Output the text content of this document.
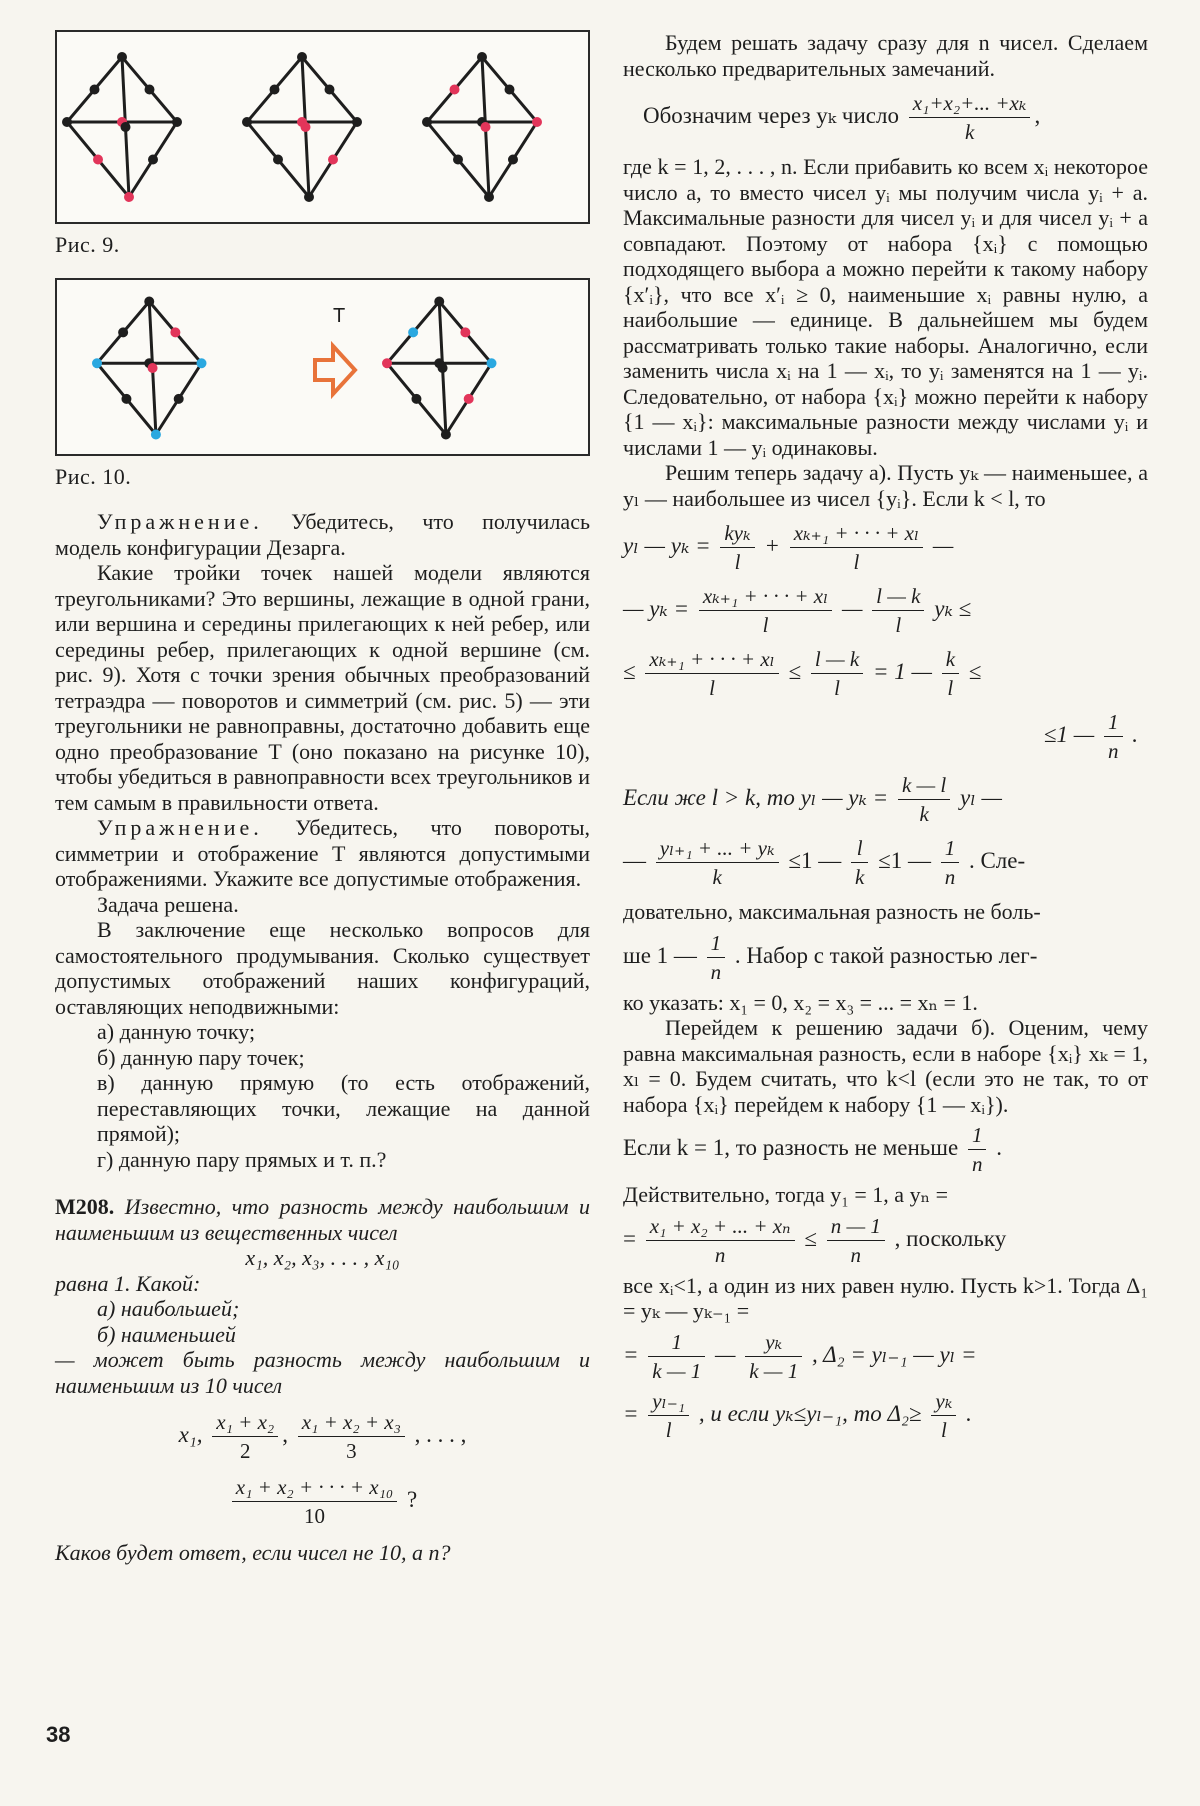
Рис. 9.

T

Рис. 10.

Упражнение. Убедитесь, что получилась модель конфигурации Дезарга.

Какие тройки точек нашей модели являются треугольниками? Это вершины, лежащие в одной грани, или вершина и середины прилегающих к ней ребер, или середины ребер, прилегающих к одной вершине (см. рис. 9). Хотя с точки зрения обычных преобразований тетраэдра — поворотов и симметрий (см. рис. 5) — эти треугольники не равноправны, достаточно добавить еще одно преобразование T (оно показано на рисунке 10), чтобы убедиться в равноправности всех треугольников и тем самым в правильности ответа.

Упражнение. Убедитесь, что повороты, симметрии и отображение T являются допустимыми отображениями. Укажите все допустимые отображения.

Задача решена.

В заключение еще несколько вопросов для самостоятельного продумывания. Сколько существует допустимых отображений наших конфигураций, оставляющих неподвижными:

а) данную точку;

б) данную пару точек;

в) данную прямую (то есть отображений, переставляющих точки, лежащие на данной прямой);

г) данную пару прямых и т. п.?

М208. Известно, что разность между наибольшим и наименьшим из вещественных чисел

x₁, x₂, x₃, . . . , x₁₀

равна 1. Какой:

а) наибольшей;

б) наименьшей

— может быть разность между наибольшим и наименьшим из 10 чисел

x₁, $\frac{\text{x₁ + x₂}}{2}$ , $\frac{\text{x₁ + x₂ + x₃}}{3}$ , . . . ,
$\frac{\text{x₁ + x₂ + · · · + x₁₀}}{10}$ ?

Каков будет ответ, если чисел не 10, а n?

Будем решать задачу сразу для n чисел. Сделаем несколько предварительных замечаний.

Обозначим через yₖ число $\frac{\text{x₁+x₂+... +xₖ}}{k}$ ,

где k = 1, 2, . . . , n. Если прибавить ко всем xᵢ некоторое число a, то вместо чисел yᵢ мы получим числа yᵢ + a. Максимальные разности для чисел yᵢ и для чисел yᵢ + a совпадают. Поэтому от набора {xᵢ} с помощью подходящего выбора a можно перейти к такому набору {x′ᵢ}, что все x′ᵢ ≥ 0, наименьшие xᵢ равны нулю, а наибольшие — единице. В дальнейшем мы будем рассматривать только такие наборы. Аналогично, если заменить числа xᵢ на 1 — xᵢ, то yᵢ заменятся на 1 — yᵢ. Следовательно, от набора {xᵢ} можно перейти к набору {1 — xᵢ}: максимальные разности между числами yᵢ и числами 1 — yᵢ одинаковы.

Решим теперь задачу а). Пусть yₖ — наименьшее, а yₗ — наибольшее из чисел {yᵢ}. Если k < l, то

yₗ — $y_k = \frac{\text{kyₖ}}{l} + \frac{\text{xₖ₊₁ + · · · + xₗ}}{l}$ —
— $y_k = \frac{\text{xₖ₊₁ + · · · + xₗ}}{l}$ — $\frac{l — k}{l}$ yₖ ≤
≤ $\frac{\text{xₖ₊₁ + · · · + xₗ}}{l} \le \frac{l — k}{l} = 1$ — $\frac{k}{l}$ ≤
≤1 — $\frac{1}{n}$ .
Если же l > k, то yₗ — $y_k = \frac{k — l}{k}$ yₗ —
— $\frac{\text{yₗ₊₁ + ... + yₖ}}{k} \le 1$ — $\frac{l}{k} \le 1$ — $\frac{1}{n}$ . Сле-

довательно, максимальная разность не боль-

ше 1 — $\frac{1}{n}$ . Набор с такой разностью лег-

ко указать: x₁ = 0, x₂ = x₃ = ... = xₙ = 1.

Перейдем к решению задачи б). Оценим, чему равна максимальная разность, если в наборе {xᵢ} xₖ = 1, xₗ = 0. Будем считать, что k<l (если это не так, то от набора {xᵢ} перейдем к набору {1 — xᵢ}).

Если k = 1, то разность не меньше $\frac{1}{n}$ .

Действительно, тогда y₁ = 1, а yₙ =

= $\frac{\text{x₁ + x₂ + ... + xₙ}}{n} \le \frac{n — 1}{n}$ , поскольку

все xᵢ<1, а один из них равен нулю. Пусть k>1. Тогда Δ₁ = yₖ — yₖ₋₁ =

= $\frac{1}{k — 1}$ — $\frac{\text{yₖ}}{k — 1}$ , Δ₂ = yₗ₋₁ — yₗ =
= $\frac{\text{yₗ₋₁}}{l}$ , и если yₖ≤yₗ₋₁, то $\Delta_2\ge \frac{\text{yₖ}}{l}$ .
38
